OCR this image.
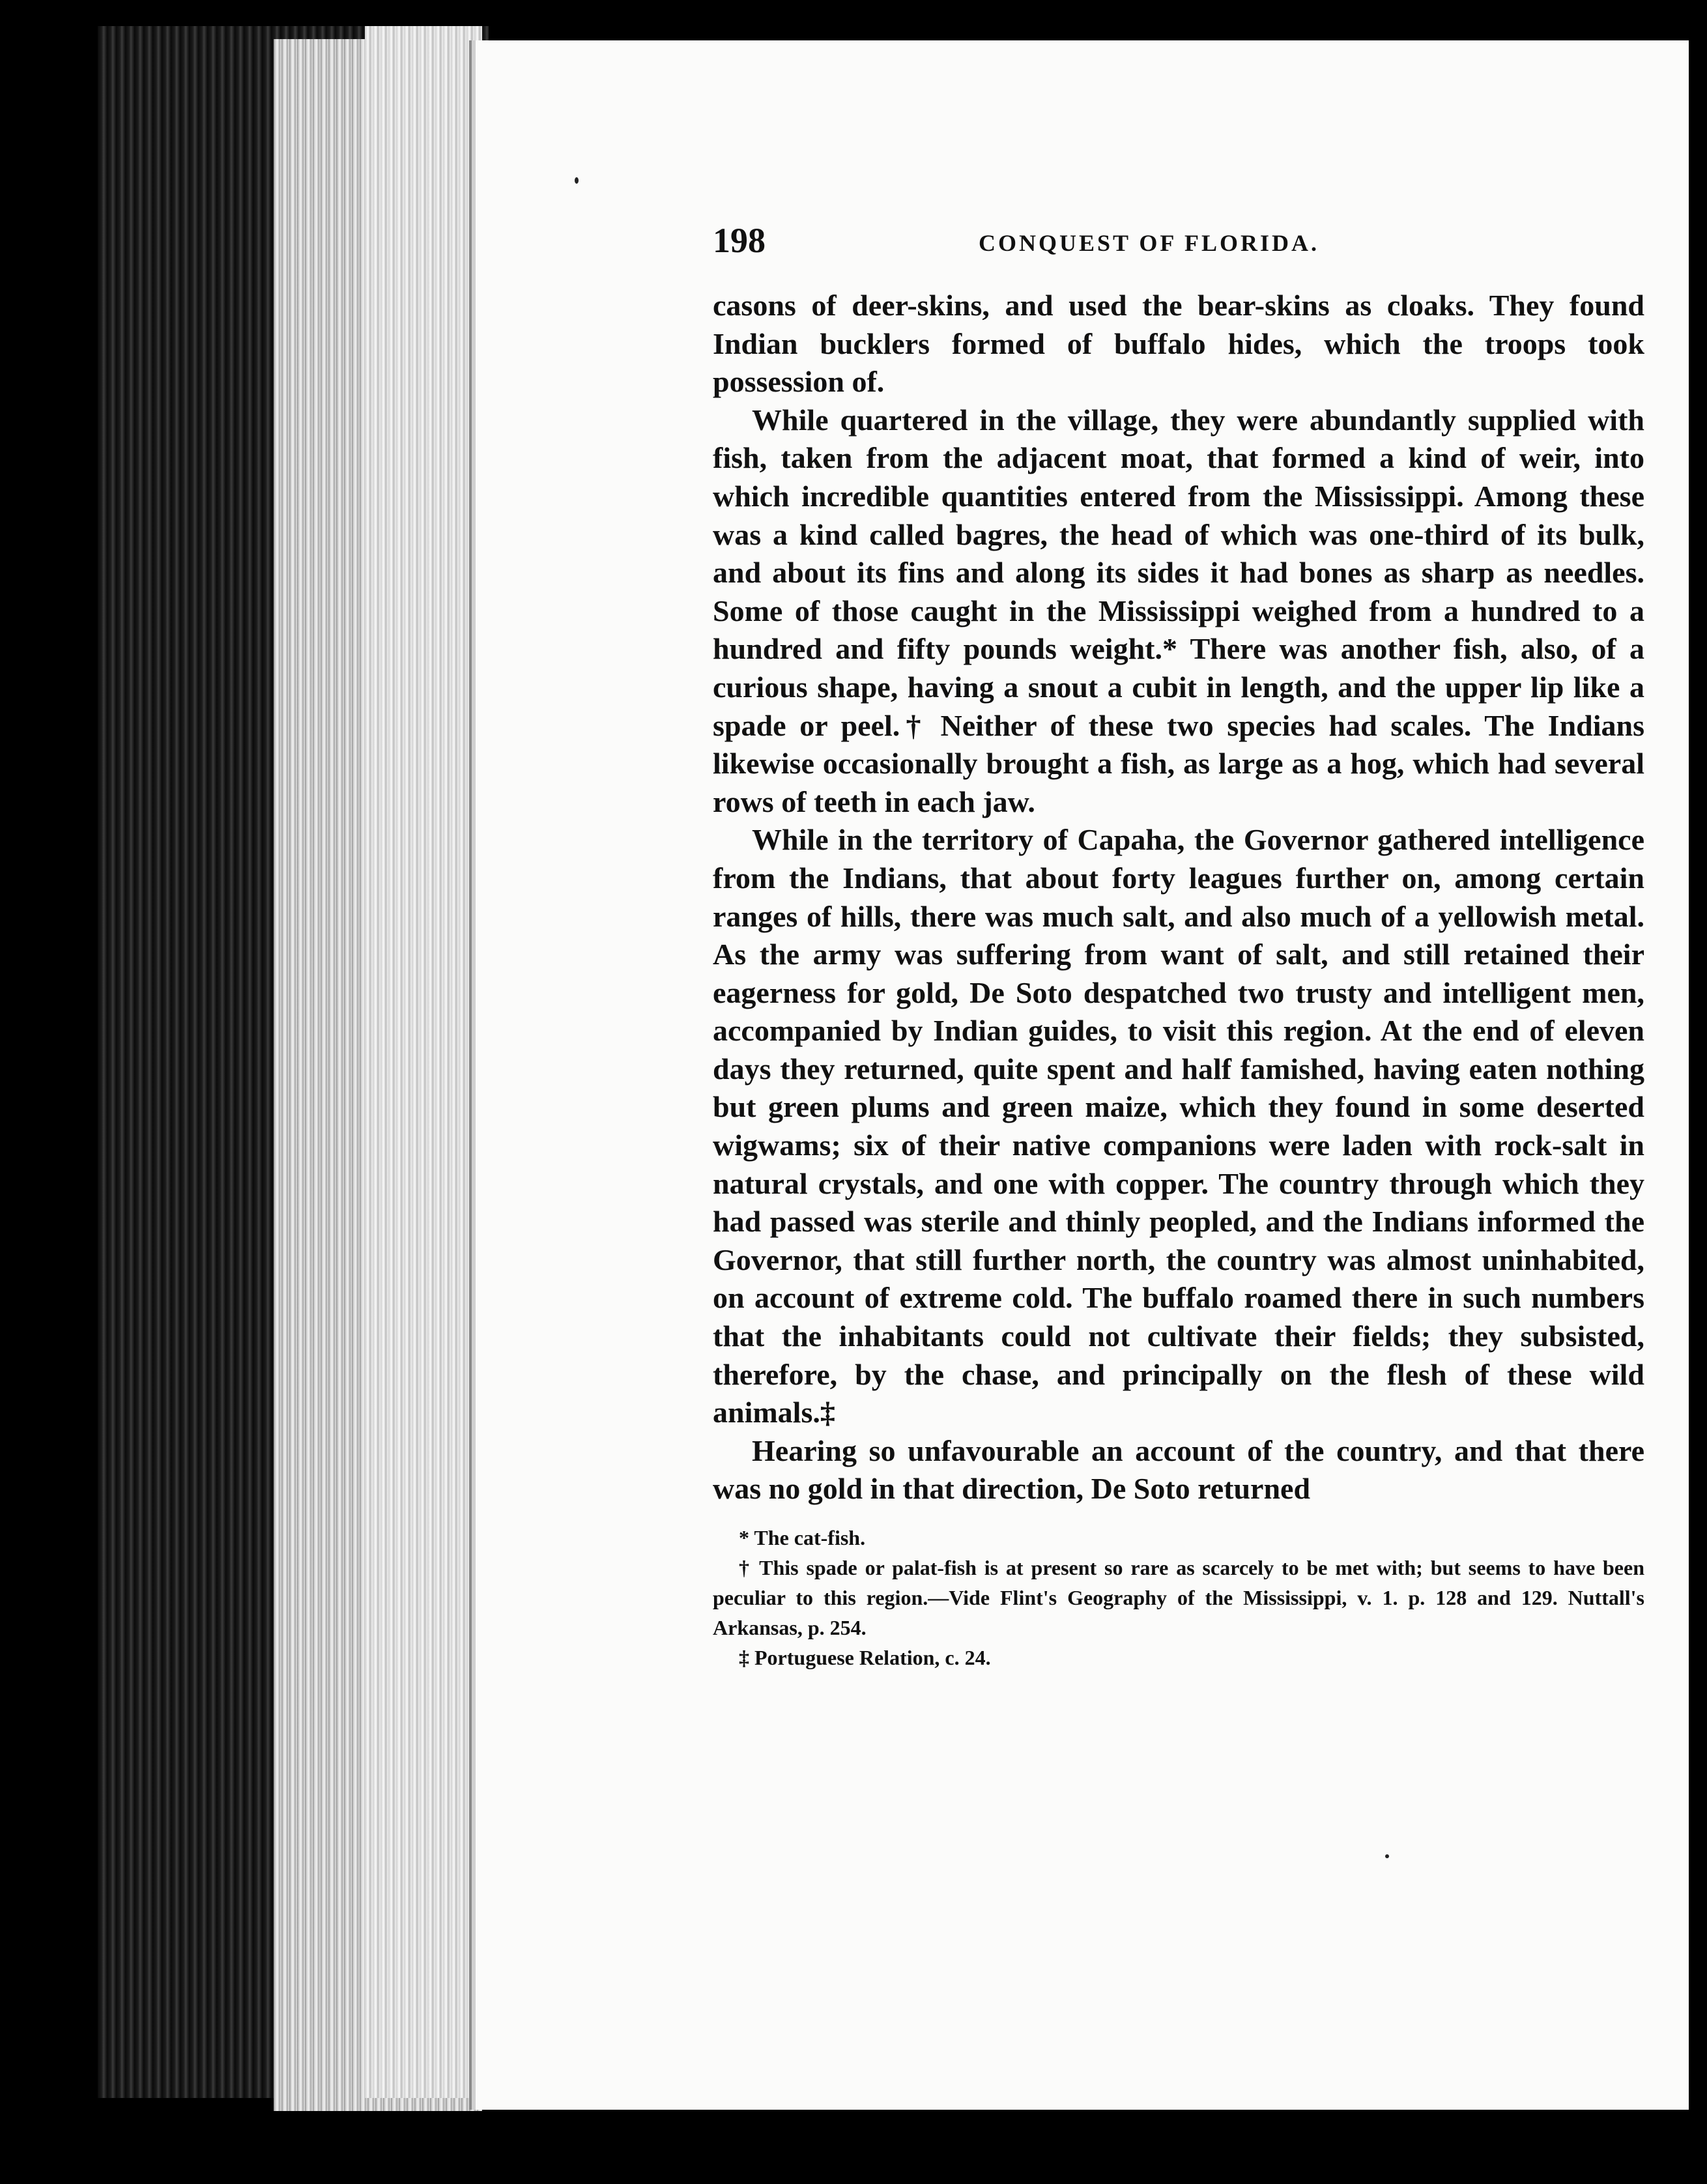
198	CONQUEST OF FLORIDA.

casons of deer-skins, and used the bear-skins as cloaks. They found Indian bucklers formed of buffalo hides, which the troops took possession of.

While quartered in the village, they were abundantly supplied with fish, taken from the adjacent moat, that formed a kind of weir, into which incredible quantities entered from the Mississippi. Among these was a kind called bagres, the head of which was one-third of its bulk, and about its fins and along its sides it had bones as sharp as needles. Some of those caught in the Mississippi weighed from a hundred to a hundred and fifty pounds weight.* There was another fish, also, of a curious shape, having a snout a cubit in length, and the upper lip like a spade or peel.† Neither of these two species had scales. The Indians likewise occasionally brought a fish, as large as a hog, which had several rows of teeth in each jaw.

While in the territory of Capaha, the Governor gathered intelligence from the Indians, that about forty leagues further on, among certain ranges of hills, there was much salt, and also much of a yellowish metal. As the army was suffering from want of salt, and still retained their eagerness for gold, De Soto despatched two trusty and intelligent men, accompanied by Indian guides, to visit this region. At the end of eleven days they returned, quite spent and half famished, having eaten nothing but green plums and green maize, which they found in some deserted wigwams; six of their native companions were laden with rock-salt in natural crystals, and one with copper. The country through which they had passed was sterile and thinly peopled, and the Indians informed the Governor, that still further north, the country was almost uninhabited, on account of extreme cold. The buffalo roamed there in such numbers that the inhabitants could not cultivate their fields; they subsisted, therefore, by the chase, and principally on the flesh of these wild animals.‡

Hearing so unfavourable an account of the country, and that there was no gold in that direction, De Soto returned

* The cat-fish.

† This spade or palat-fish is at present so rare as scarcely to be met with; but seems to have been peculiar to this region.—Vide Flint's Geography of the Mississippi, v. 1. p. 128 and 129. Nuttall's Arkansas, p. 254.

‡ Portuguese Relation, c. 24.
